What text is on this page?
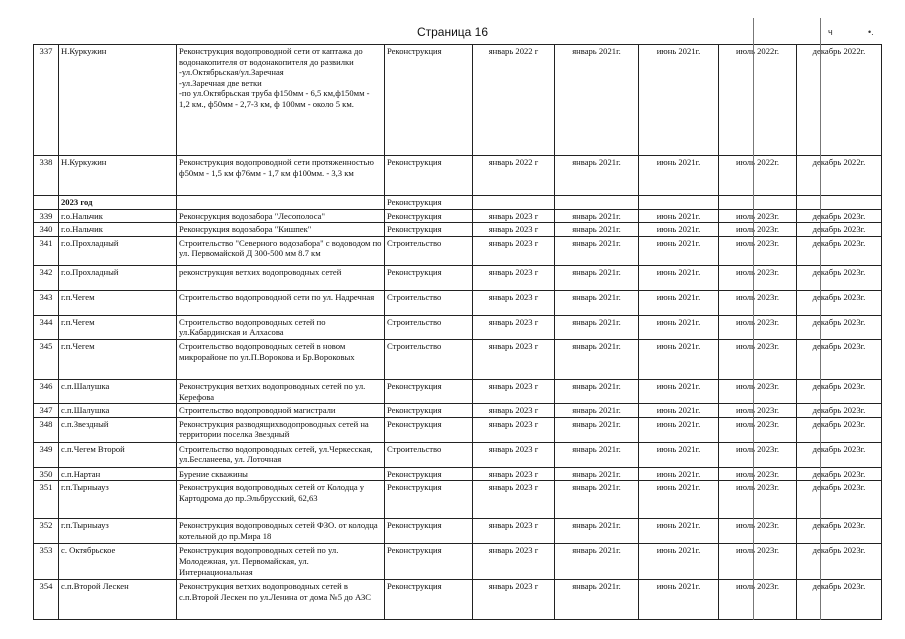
Страница 16	ч	•.
337	Н.Куркужин	Реконструкция водопроводной сети от каптажа до водонакопителя от водонакопителя до развилки
-ул.Октябрьская/ул.Заречная
-ул.Заречная две ветки
-по ул.Октябрьская труба ф150мм - 6,5 км,ф150мм - 1,2 км., ф50мм - 2,7-3 км, ф 100мм - около 5 км.	Реконструкция	январь 2022 г	январь 2021г.	июнь 2021г.	июль 2022г.	декабрь 2022г.
338	Н.Куркужин	Реконструкция водопроводной сети протяженностью ф50мм - 1,5 км ф76мм - 1,7 км ф100мм. - 3,3 км	Реконструкция	январь 2022 г	январь 2021г.	июнь 2021г.	июль 2022г.	декабрь 2022г.
	2023 год		Реконструкция					
339	г.о.Нальчик	Реконсрукция водозабора "Лесополоса"	Реконструкция	январь 2023 г	январь 2021г.	июнь 2021г.	июль 2023г.	декабрь 2023г.
340	г.о.Нальчик	Реконсрукция водозабора "Кишпек"	Реконструкция	январь 2023 г	январь 2021г.	июнь 2021г.	июль 2023г.	декабрь 2023г.
341	г.о.Прохладный	Строительство "Северного водозабора" с водоводом по ул. Первомайской Д 300-500 мм 8.7 км	Строительство	январь 2023 г	январь 2021г.	июнь 2021г.	июль 2023г.	декабрь 2023г.
342	г.о.Прохладный	реконструкция ветхих водопроводных сетей	Реконструкция	январь 2023 г	январь 2021г.	июнь 2021г.	июль 2023г.	декабрь 2023г.
343	г.п.Чегем	Строительство водопроводной сети по ул. Надречная	Строительство	январь 2023 г	январь 2021г.	июнь 2021г.	июль 2023г.	декабрь 2023г.
344	г.п.Чегем	Строительство водопроводных сетей по ул.Кабардинская и Алхасова	Строительство	январь 2023 г	январь 2021г.	июнь 2021г.	июль 2023г.	декабрь 2023г.
345	г.п.Чегем	Строительство водопроводных сетей в новом микрорайоне по ул.П.Ворокова и Бр.Вороковых	Строительство	январь 2023 г	январь 2021г.	июнь 2021г.	июль 2023г.	декабрь 2023г.
346	с.п.Шалушка	Реконструкция ветхих водопроводных сетей по ул. Керефова	Реконструкция	январь 2023 г	январь 2021г.	июнь 2021г.	июль 2023г.	декабрь 2023г.
347	с.п.Шалушка	Строительство водопроводной магистрали	Реконструкция	январь 2023 г	январь 2021г.	июнь 2021г.	июль 2023г.	декабрь 2023г.
348	с.п.Звездный	Реконструкция разводящихводопроводных сетей на территории поселка Звездный	Реконструкция	январь 2023 г	январь 2021г.	июнь 2021г.	июль 2023г.	декабрь 2023г.
349	с.п.Чегем Второй	Строительство водопроводных сетей, ул.Черкесская, ул.Бесланеева, ул. Лоточная	Строительство	январь 2023 г	январь 2021г.	июнь 2021г.	июль 2023г.	декабрь 2023г.
350	с.п.Нартан	Бурение скважины	Реконструкция	январь 2023 г	январь 2021г.	июнь 2021г.	июль 2023г.	декабрь 2023г.
351	г.п.Тырныауз	Реконструкция водопроводных сетей от Колодца у Картодрома до пр.Эльбрусский, 62,63	Реконструкция	январь 2023 г	январь 2021г.	июнь 2021г.	июль 2023г.	декабрь 2023г.
352	г.п.Тырныауз	Реконструкция водопроводных сетей ФЗО. от колодца котельной до пр.Мира 18	Реконструкция	январь 2023 г	январь 2021г.	июнь 2021г.	июль 2023г.	декабрь 2023г.
353	с. Октябрьское	Реконструкция водопроводных сетей по ул. Молодежная, ул. Первомайская, ул. Интернациональная	Реконструкция	январь 2023 г	январь 2021г.	июнь 2021г.	июль 2023г.	декабрь 2023г.
354	с.п.Второй Лескен	Реконструкция ветхих водопроводных сетей в с.п.Второй Лескен по ул.Ленина от дома №5 до АЗС	Реконструкция	январь 2023 г	январь 2021г.	июнь 2021г.	июль 2023г.	декабрь 2023г.
